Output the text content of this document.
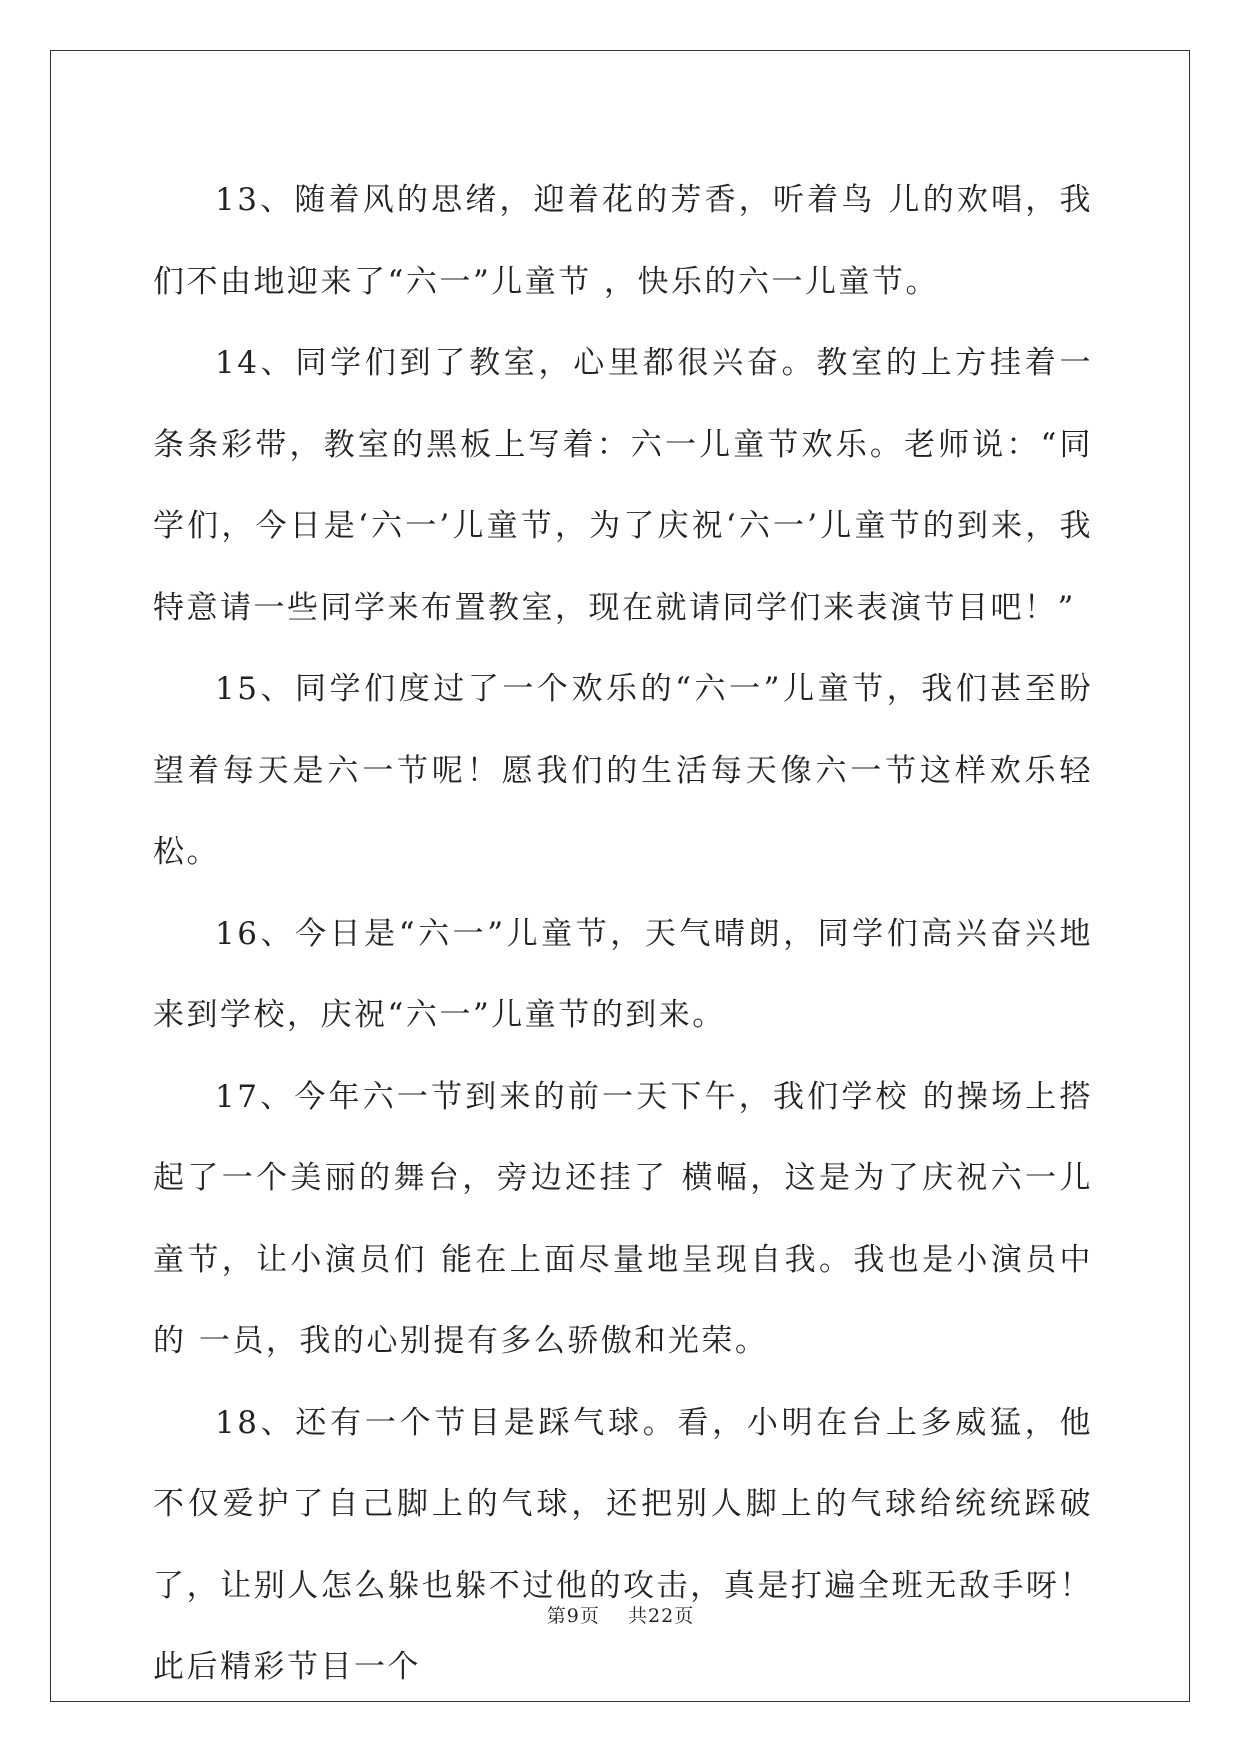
13、随着风的思绪，迎着花的芳香，听着鸟 儿的欢唱，我们不由地迎来了“六一”儿童节 ，快乐的六一儿童节。

14、同学们到了教室，心里都很兴奋。教室的上方挂着一条条彩带，教室的黑板上写着：六一儿童节欢乐。老师说：“同学们，今日是‘六一’儿童节，为了庆祝‘六一’儿童节的到来，我特意请一些同学来布置教室，现在就请同学们来表演节目吧！”

15、同学们度过了一个欢乐的“六一”儿童节，我们甚至盼望着每天是六一节呢！愿我们的生活每天像六一节这样欢乐轻松。

16、今日是“六一”儿童节，天气晴朗，同学们高兴奋兴地来到学校，庆祝“六一”儿童节的到来。

17、今年六一节到来的前一天下午，我们学校 的操场上搭起了一个美丽的舞台，旁边还挂了 横幅，这是为了庆祝六一儿童节，让小演员们 能在上面尽量地呈现自我。我也是小演员中的 一员，我的心别提有多么骄傲和光荣。

18、还有一个节目是踩气球。看，小明在台上多威猛，他不仅爱护了自己脚上的气球，还把别人脚上的气球给统统踩破了，让别人怎么躲也躲不过他的攻击，真是打遍全班无敌手呀！此后精彩节目一个

第9页 共22页
